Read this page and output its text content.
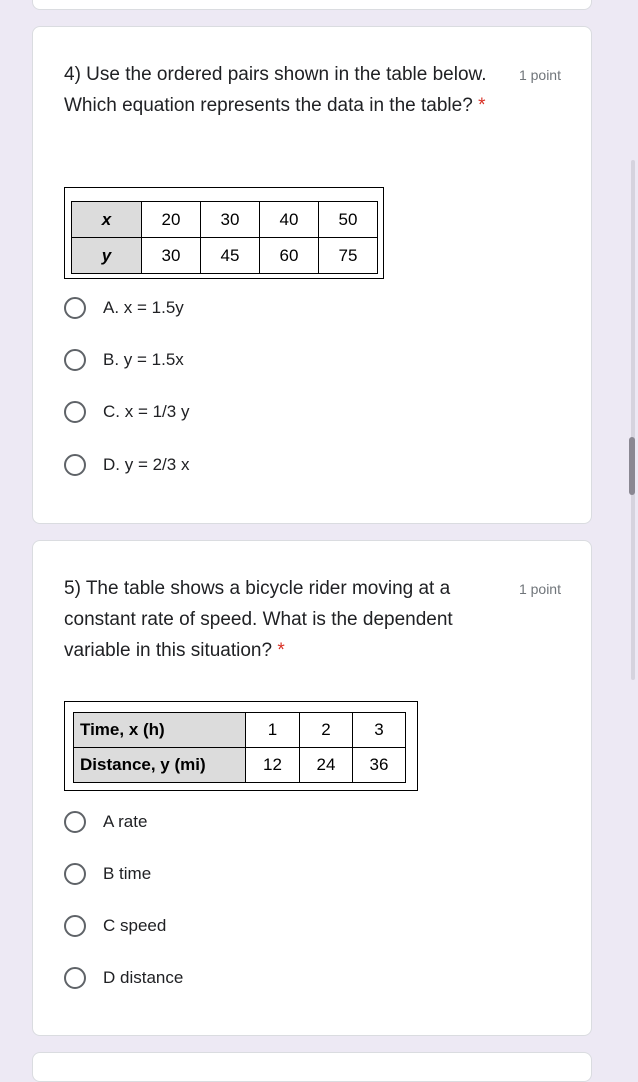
4) Use the ordered pairs shown in the table below. Which equation represents the data in the table? *
1 point
x	20	30	40	50
y	30	45	60	75
A. x = 1.5y
B. y = 1.5x
C. x = 1/3 y
D. y = 2/3 x
5) The table shows a bicycle rider moving at a constant rate of speed. What is the dependent variable in this situation? *
1 point
Time, x (h)	1	2	3
Distance, y (mi)	12	24	36
A rate
B time
C speed
D distance
